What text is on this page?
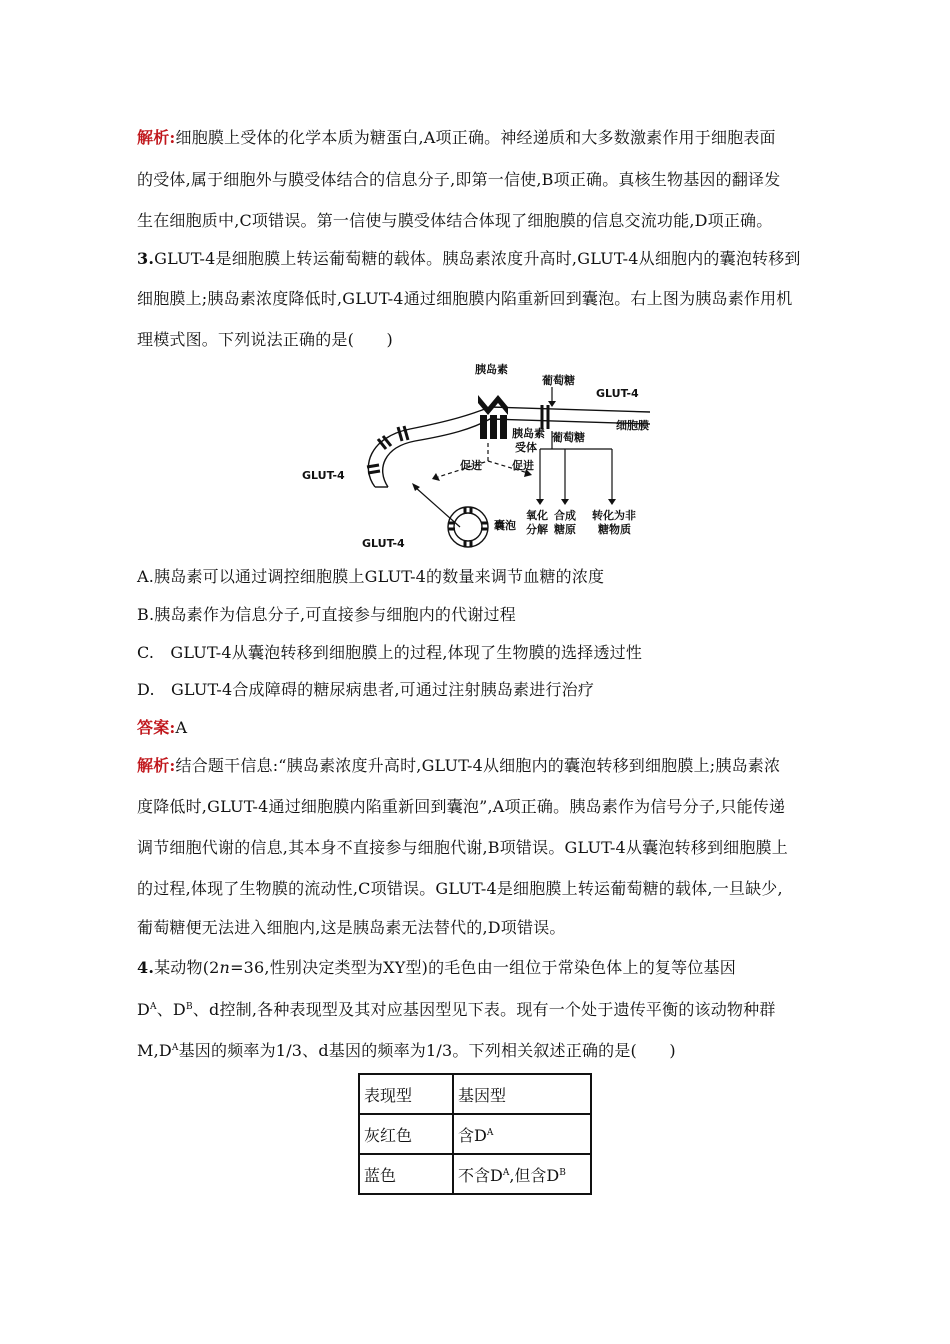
解析:细胞膜上受体的化学本质为糖蛋白,A项正确。神经递质和大多数激素作用于细胞表面
的受体,属于细胞外与膜受体结合的信息分子,即第一信使,B项正确。真核生物基因的翻译发
生在细胞质中,C项错误。第一信使与膜受体结合体现了细胞膜的信息交流功能,D项正确。
3.GLUT-4是细胞膜上转运葡萄糖的载体。胰岛素浓度升高时,GLUT-4从细胞内的囊泡转移到
细胞膜上;胰岛素浓度降低时,GLUT-4通过细胞膜内陷重新回到囊泡。右上图为胰岛素作用机
理模式图。下列说法正确的是(　　)
胰岛素
胰岛素
受体
葡萄糖
葡萄糖
GLUT-4
GLUT-4
GLUT-4
细胞膜
促进	促进
囊泡
氧化
分解
合成
糖原
转化为非
糖物质
A.胰岛素可以通过调控细胞膜上GLUT-4的数量来调节血糖的浓度
B.胰岛素作为信息分子,可直接参与细胞内的代谢过程
C.　GLUT-4从囊泡转移到细胞膜上的过程,体现了生物膜的选择透过性
D.　GLUT-4合成障碍的糖尿病患者,可通过注射胰岛素进行治疗
答案:A
解析:结合题干信息:“胰岛素浓度升高时,GLUT-4从细胞内的囊泡转移到细胞膜上;胰岛素浓
度降低时,GLUT-4通过细胞膜内陷重新回到囊泡”,A项正确。胰岛素作为信号分子,只能传递
调节细胞代谢的信息,其本身不直接参与细胞代谢,B项错误。GLUT-4从囊泡转移到细胞膜上
的过程,体现了生物膜的流动性,C项错误。GLUT-4是细胞膜上转运葡萄糖的载体,一旦缺少,
葡萄糖便无法进入细胞内,这是胰岛素无法替代的,D项错误。
4.某动物(2n=36,性别决定类型为XY型)的毛色由一组位于常染色体上的复等位基因
$D^A$、$D^B$、d控制,各种表现型及其对应基因型见下表。现有一个处于遗传平衡的该动物种群
$M,D^A$基因的频率为1/3、d基因的频率为1/3。下列相关叙述正确的是(　　)
表现型	基因型
灰红色	含$D^A$
蓝色	不含$D^A$,但含$D^B$
